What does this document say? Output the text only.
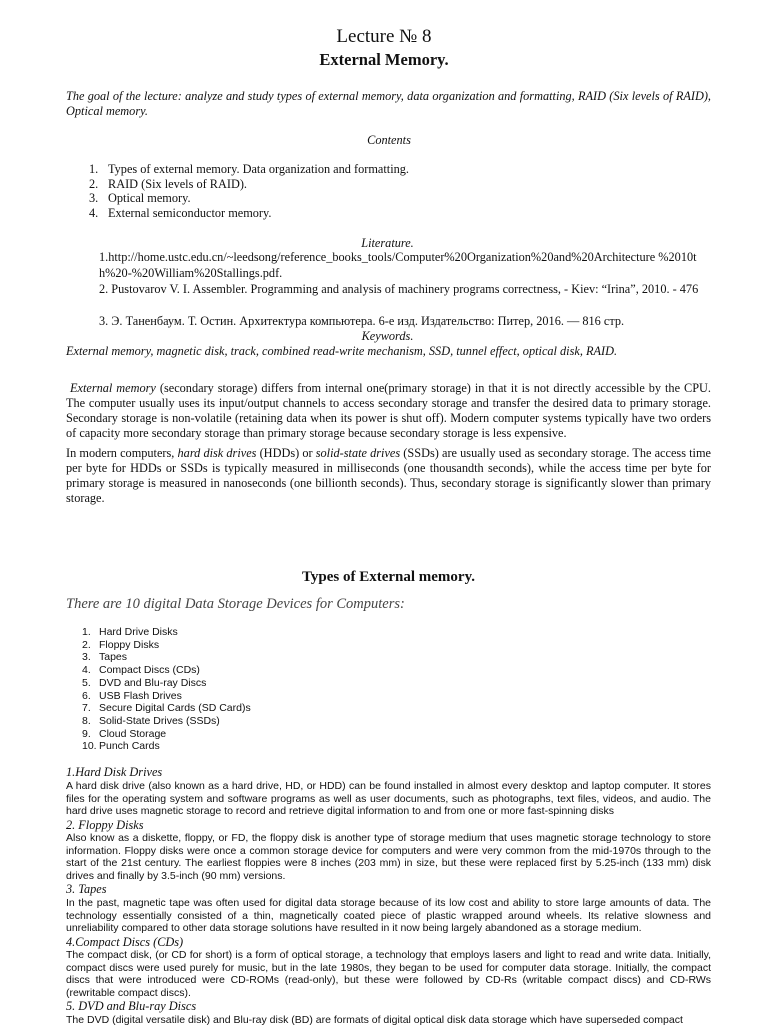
Lecture № 8
External Memory.
The goal of the lecture: analyze and study types of external memory, data organization and formatting, RAID (Six levels of RAID), Optical memory.
Contents
1. Types of external memory. Data organization and formatting.
2. RAID (Six levels of RAID).
3. Optical memory.
4. External semiconductor memory.
Literature.
1.http://home.ustc.edu.cn/~leedsong/reference_books_tools/Computer%20Organization%20and%20Architecture %2010th%20-%20William%20Stallings.pdf.
2. Pustovarov V. I. Assembler. Programming and analysis of machinery programs correctness, - Kiev: “Irina”, 2010. - 476
3. Э. Таненбаум. Т. Остин. Архитектура компьютера. 6-е изд. Издательство: Питер, 2016. — 816 стр.
Keywords.
External memory, magnetic disk, track, combined read-write mechanism, SSD, tunnel effect, optical disk, RAID.
External memory (secondary storage) differs from internal one(primary storage) in that it is not directly accessible by the CPU. The computer usually uses its input/output channels to access secondary storage and transfer the desired data to primary storage. Secondary storage is non-volatile (retaining data when its power is shut off). Modern computer systems typically have two orders of capacity more secondary storage than primary storage because secondary storage is less expensive.
In modern computers, hard disk drives (HDDs) or solid-state drives (SSDs) are usually used as secondary storage. The access time per byte for HDDs or SSDs is typically measured in milliseconds (one thousandth seconds), while the access time per byte for primary storage is measured in nanoseconds (one billionth seconds). Thus, secondary storage is significantly slower than primary storage.
Types of External memory.
There are 10 digital Data Storage Devices for Computers:
1. Hard Drive Disks
2. Floppy Disks
3. Tapes
4. Compact Discs (CDs)
5. DVD and Blu-ray Discs
6. USB Flash Drives
7. Secure Digital Cards (SD Card)s
8. Solid-State Drives (SSDs)
9. Cloud Storage
10. Punch Cards
1.Hard Disk Drives
A hard disk drive (also known as a hard drive, HD, or HDD) can be found installed in almost every desktop and laptop computer. It stores files for the operating system and software programs as well as user documents, such as photographs, text files, videos, and audio. The hard drive uses magnetic storage to record and retrieve digital information to and from one or more fast-spinning disks
2. Floppy Disks
Also know as a diskette, floppy, or FD, the floppy disk is another type of storage medium that uses magnetic storage technology to store information. Floppy disks were once a common storage device for computers and were very common from the mid-1970s through to the start of the 21st century. The earliest floppies were 8 inches (203 mm) in size, but these were replaced first by 5.25-inch (133 mm) disk drives and finally by 3.5-inch (90 mm) versions.
3. Tapes
In the past, magnetic tape was often used for digital data storage because of its low cost and ability to store large amounts of data. The technology essentially consisted of a thin, magnetically coated piece of plastic wrapped around wheels. Its relative slowness and unreliability compared to other data storage solutions have resulted in it now being largely abandoned as a storage medium.
4.Compact Discs (CDs)
The compact disk, (or CD for short) is a form of optical storage, a technology that employs lasers and light to read and write data. Initially, compact discs were used purely for music, but in the late 1980s, they began to be used for computer data storage. Initially, the compact discs that were introduced were CD-ROMs (read-only), but these were followed by CD-Rs (writable compact discs) and CD-RWs (rewritable compact discs).
5. DVD and Blu-ray Discs
The DVD (digital versatile disk) and Blu-ray disk (BD) are formats of digital optical disk data storage which have superseded compact
